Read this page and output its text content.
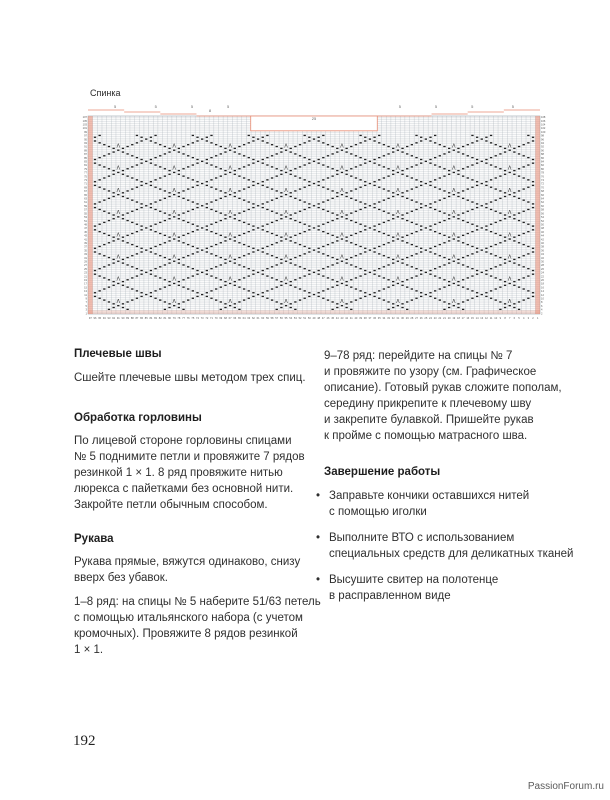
Спинка
Λ
Λ
Λ
Λ
Λ
Λ
Λ
Λ
Λ
Λ
Λ
Λ
Λ
Λ
Λ
Λ
Λ
Λ
Λ
Λ
Λ
Λ
Λ
Λ
Λ
Λ
Λ
Λ
Λ
Λ
Λ
Λ
Λ
Λ
Λ
Λ
Λ
Λ
Λ
Λ
Λ
Λ
Λ
Λ
Λ
Λ
Λ
Λ
Λ
Λ
Λ
Λ
Λ
Λ
Λ
Λ
Λ
Λ
Λ
Λ
Λ
Λ
Λ
Λ
1	2
3	4
5	6
7	8
9	10
11	12
13	14
15	16
17	18
19	20
21	22
23	24
25	26
27	28
29	30
31	32
33	34
35	36
37	38
39	40
41	42
43	44
45	46
47	48
49	50
51	52
53	54
55	56
57	58
59	60
61	62
63	64
65	66
67	68
69	70
71	72
73	74
75	76
77	78
79	80
81	82
83	84
85	86
87	88
89	90
91	92
93	94
95	96
97	98
99	100
101	102
103	104
105	106
107	108
97 96 95 94 93 92 91 90 89 88 87 86 85 84 83 82 81 80 79 78 77 76 75 74 73 72 71 70 69 68 67 66 65 64 63 62 61 60 59 58 57 56 55 54 53 52 51 50 49 48 47 46 45 44 43 42 41 40 39 38 37 36 35 34 33 32 31 30 29 28 27 26 25 24 23 22 21 20 19 18 17 16 15 14 13 12 11 10 9 8 7 6 5 4 3 2 1
5	5	5	5	5	5	5	5
25
8
Плечевые швы
Сшейте плечевые швы методом трех спиц.
Обработка горловины
По лицевой стороне горловины спицами
№ 5 поднимите петли и провяжите 7 рядов
резинкой 1 × 1. 8 ряд провяжите нитью
люрекса с пайетками без основной нити.
Закройте петли обычным способом.
Рукава
Рукава прямые, вяжутся одинаково, снизу
вверх без убавок.
1–8 ряд: на спицы № 5 наберите 51/63 петель
с помощью итальянского набора (с учетом
кромочных). Провяжите 8 рядов резинкой
1 × 1.
9–78 ряд: перейдите на спицы № 7
и провяжите по узору (см. Графическое
описание). Готовый рукав сложите пополам,
середину прикрепите к плечевому шву
и закрепите булавкой. Пришейте рукав
к пройме с помощью матрасного шва.
Завершение работы
• Заправьте кончики оставшихся нитей
с помощью иголки
• Выполните ВТО с использованием
специальных средств для деликатных тканей
• Высушите свитер на полотенце
в расправленном виде
192
PassionForum.ru
